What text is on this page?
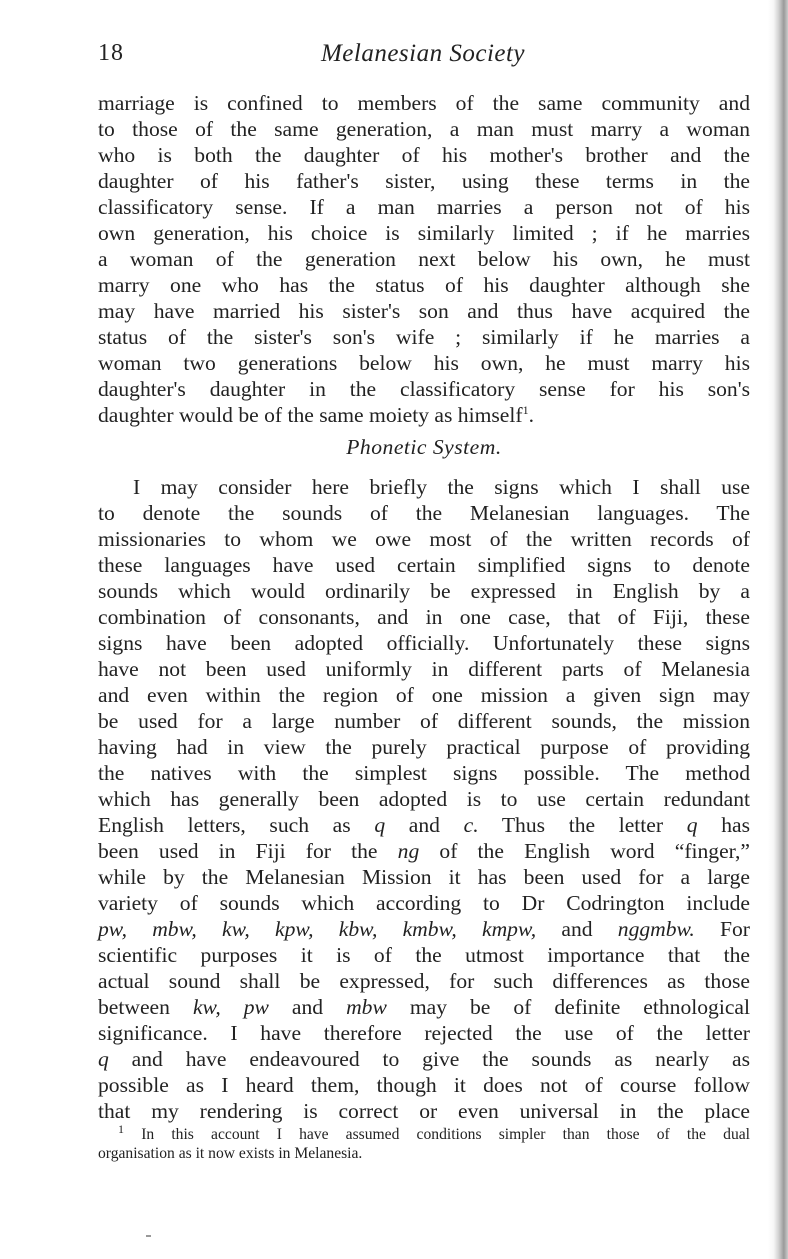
18	Melanesian Society
marriage is confined to members of the same community and
to those of the same generation, a man must marry a woman
who is both the daughter of his mother's brother and the
daughter of his father's sister, using these terms in the
classificatory sense. If a man marries a person not of his
own generation, his choice is similarly limited ; if he marries
a woman of the generation next below his own, he must
marry one who has the status of his daughter although she
may have married his sister's son and thus have acquired the
status of the sister's son's wife ; similarly if he marries a
woman two generations below his own, he must marry his
daughter's daughter in the classificatory sense for his son's
daughter would be of the same moiety as himself$^1$.
Phonetic System.
I may consider here briefly the signs which I shall use
to denote the sounds of the Melanesian languages. The
missionaries to whom we owe most of the written records of
these languages have used certain simplified signs to denote
sounds which would ordinarily be expressed in English by a
combination of consonants, and in one case, that of Fiji, these
signs have been adopted officially. Unfortunately these signs
have not been used uniformly in different parts of Melanesia
and even within the region of one mission a given sign may
be used for a large number of different sounds, the mission
having had in view the purely practical purpose of providing
the natives with the simplest signs possible. The method
which has generally been adopted is to use certain redundant
English letters, such as q and c. Thus the letter q has
been used in Fiji for the ng of the English word “finger,”
while by the Melanesian Mission it has been used for a large
variety of sounds which according to Dr Codrington include
pw, mbw, kw, kpw, kbw, kmbw, kmpw, and nggmbw. For
scientific purposes it is of the utmost importance that the
actual sound shall be expressed, for such differences as those
between kw, pw and mbw may be of definite ethnological
significance. I have therefore rejected the use of the letter
q and have endeavoured to give the sounds as nearly as
possible as I heard them, though it does not of course follow
that my rendering is correct or even universal in the place
$^1$ In this account I have assumed conditions simpler than those of the dual
organisation as it now exists in Melanesia.
